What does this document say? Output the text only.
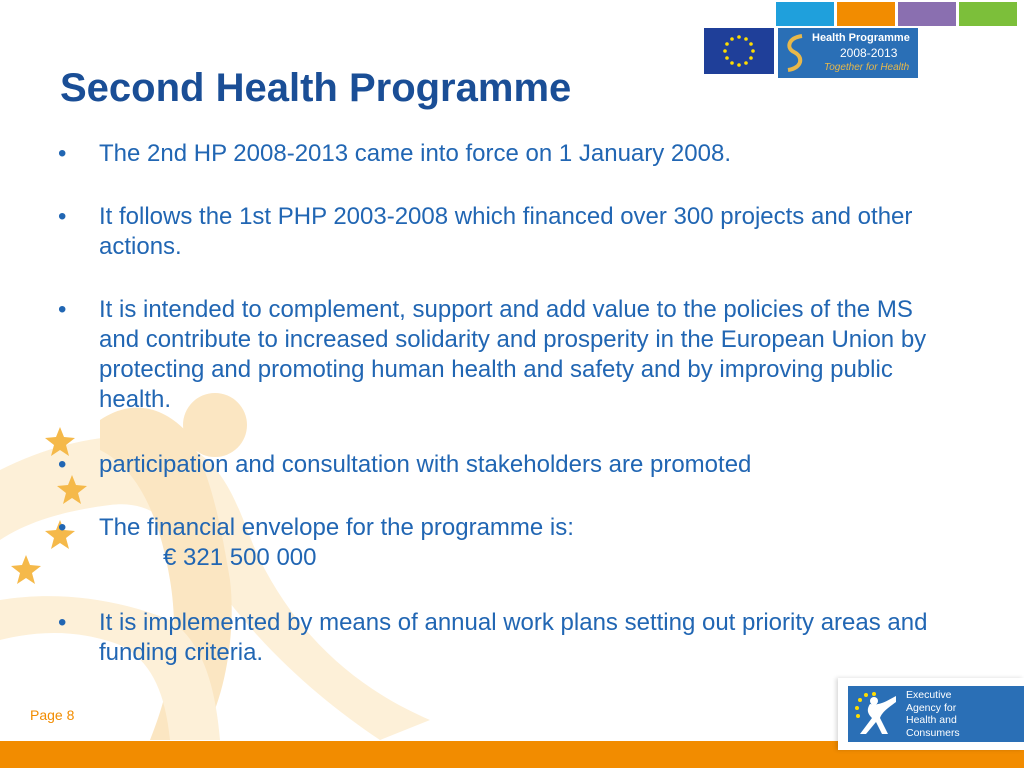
Health Programme
2008-2013
Together for Health
Second Health Programme
• The 2nd HP 2008-2013 came into force on 1 January 2008.
• It follows the 1st PHP 2003-2008 which financed over 300 projects and other actions.
• It is intended to complement, support and add value to the policies of the MS and contribute to increased solidarity and prosperity in the European Union by protecting and promoting human health and safety and by improving public health.
• participation and consultation with stakeholders are promoted
• The financial envelope for the programme is:
€ 321 500 000
• It is implemented by means of annual work plans setting out priority areas and funding criteria.
Page 8
Executive
Agency for
Health and
Consumers
